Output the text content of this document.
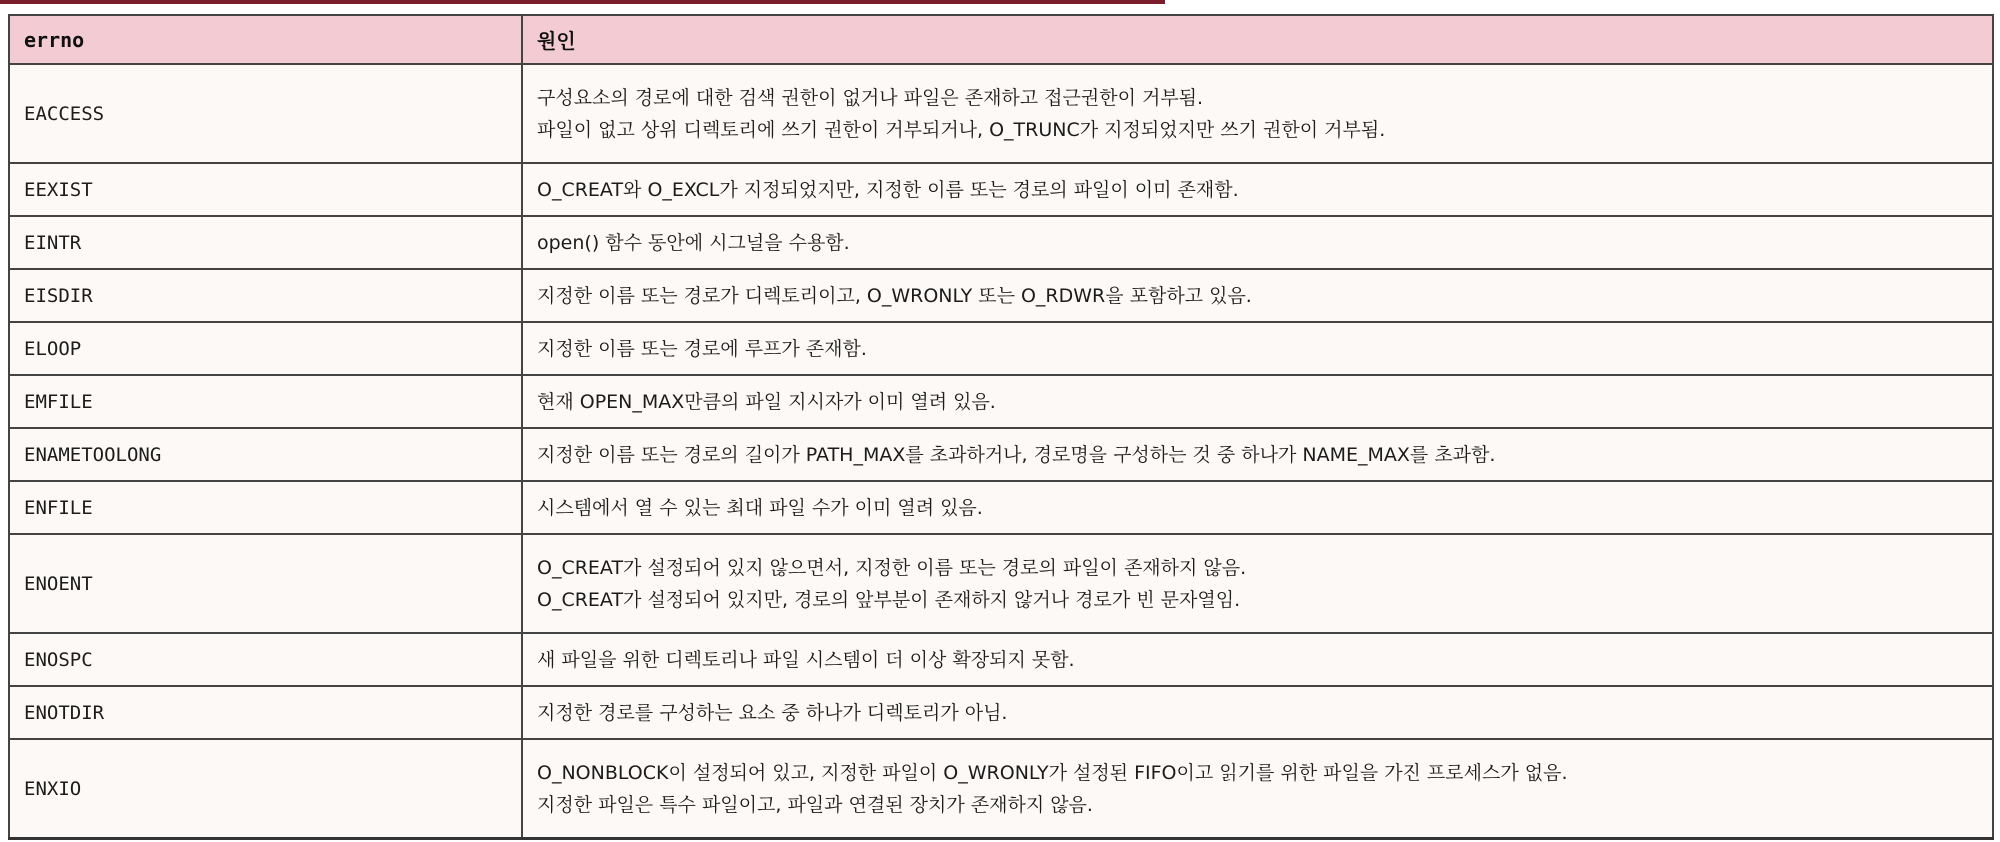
errno	원인
EACCESS	구성요소의 경로에 대한 검색 권한이 없거나 파일은 존재하고 접근권한이 거부됨.
파일이 없고 상위 디렉토리에 쓰기 권한이 거부되거나, O_TRUNC가 지정되었지만 쓰기 권한이 거부됨.

EEXIST	O_CREAT와 O_EXCL가 지정되었지만, 지정한 이름 또는 경로의 파일이 이미 존재함.

EINTR	open() 함수 동안에 시그널을 수용함.

EISDIR	지정한 이름 또는 경로가 디렉토리이고, O_WRONLY 또는 O_RDWR을 포함하고 있음.

ELOOP	지정한 이름 또는 경로에 루프가 존재함.

EMFILE	현재 OPEN_MAX만큼의 파일 지시자가 이미 열려 있음.

ENAMETOOLONG	지정한 이름 또는 경로의 길이가 PATH_MAX를 초과하거나, 경로명을 구성하는 것 중 하나가 NAME_MAX를 초과함.

ENFILE	시스템에서 열 수 있는 최대 파일 수가 이미 열려 있음.

ENOENT	O_CREAT가 설정되어 있지 않으면서, 지정한 이름 또는 경로의 파일이 존재하지 않음.
O_CREAT가 설정되어 있지만, 경로의 앞부분이 존재하지 않거나 경로가 빈 문자열임.

ENOSPC	새 파일을 위한 디렉토리나 파일 시스템이 더 이상 확장되지 못함.

ENOTDIR	지정한 경로를 구성하는 요소 중 하나가 디렉토리가 아님.

ENXIO	O_NONBLOCK이 설정되어 있고, 지정한 파일이 O_WRONLY가 설정된 FIFO이고 읽기를 위한 파일을 가진 프로세스가 없음.
지정한 파일은 특수 파일이고, 파일과 연결된 장치가 존재하지 않음.
